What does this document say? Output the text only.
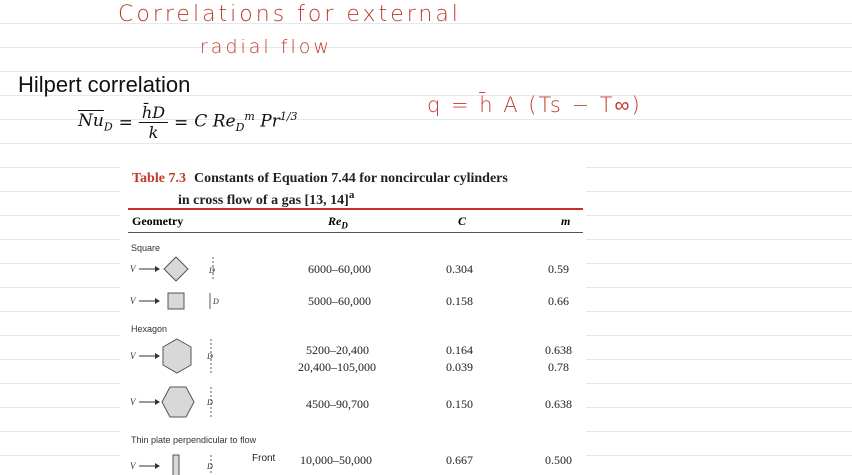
Correlations for external
radial flow
q = h̄ A (Ts − T∞)
Hilpert correlation
$\overline{Nu}_D = \frac{h̄D}{k} = C$ $Re_D^m$ $Pr^{1/3}$
Table 7.3 Constants of Equation 7.44 for noncircular cylinders
in cross flow of a gas [13, 14]$^a$
Geometry	$Re_D$	C	m
Square
Hexagon
Thin plate perpendicular to flow
V	D
V	D
V	D
V	D
V	D
6000–60,000	0.304	0.59
5000–60,000	0.158	0.66
5200–20,400	0.164	0.638
20,400–105,000	0.039	0.78
4500–90,700	0.150	0.638
Front 10,000–50,000	0.667	0.500
